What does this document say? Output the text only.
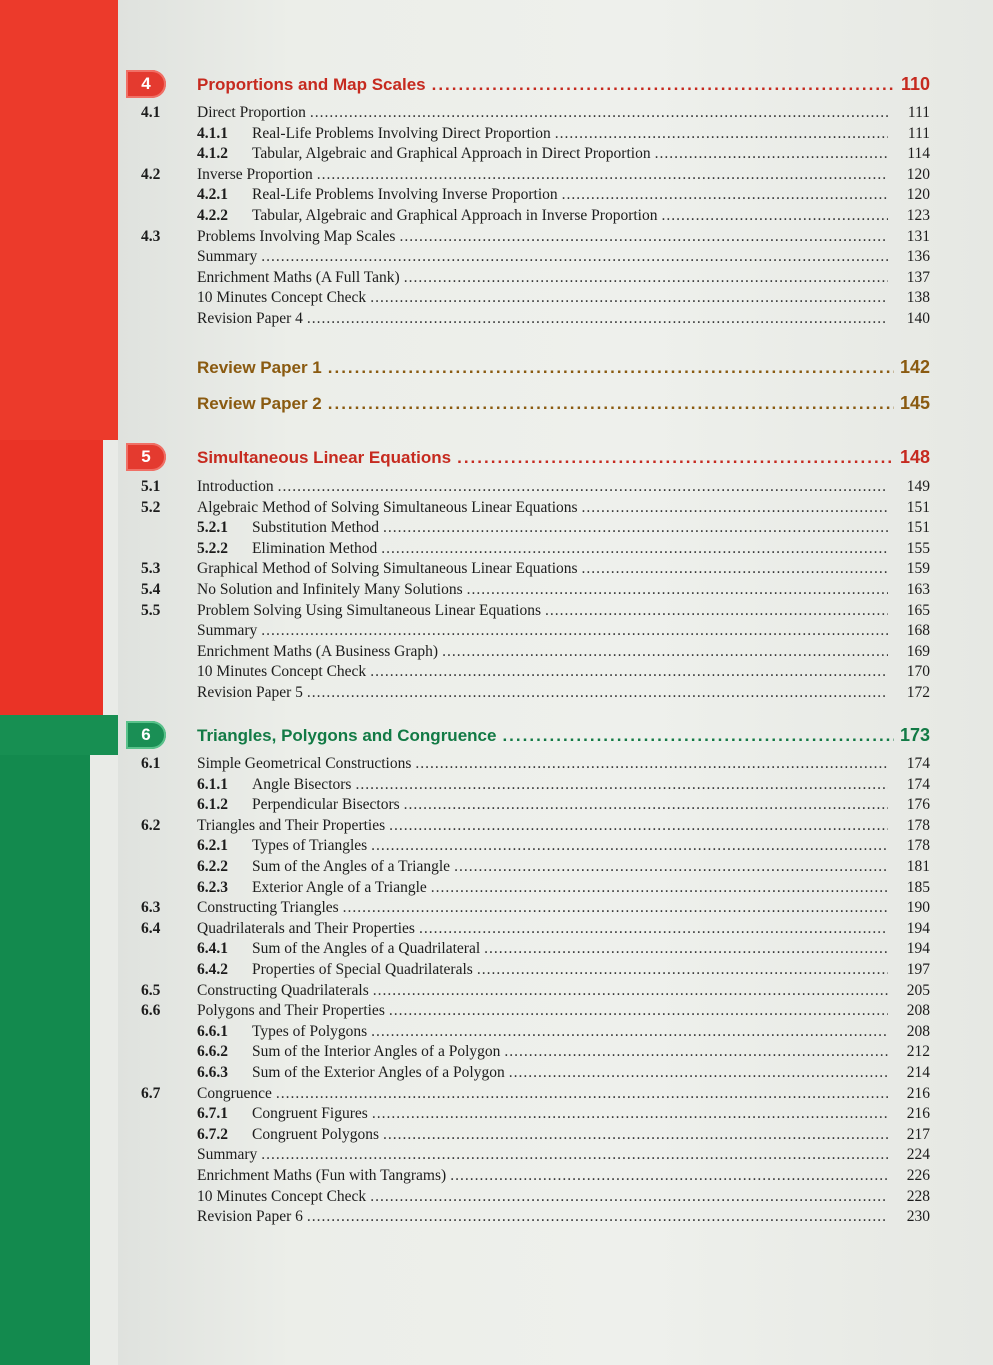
4	Proportions and Map Scales .....	110
4.1	Direct Proportion .....	111
4.1.1	Real-Life Problems Involving Direct Proportion .....	111
4.1.2	Tabular, Algebraic and Graphical Approach in Direct Proportion .....	114
4.2	Inverse Proportion .....	120
4.2.1	Real-Life Problems Involving Inverse Proportion .....	120
4.2.2	Tabular, Algebraic and Graphical Approach in Inverse Proportion .....	123
4.3	Problems Involving Map Scales .....	131
Summary .....	136
Enrichment Maths (A Full Tank) .....	137
10 Minutes Concept Check .....	138
Revision Paper 4 .....	140
5	Simultaneous Linear Equations .....	148
5.1	Introduction .....	149
5.2	Algebraic Method of Solving Simultaneous Linear Equations .....	151
5.2.1	Substitution Method .....	151
5.2.2	Elimination Method .....	155
5.3	Graphical Method of Solving Simultaneous Linear Equations .....	159
5.4	No Solution and Infinitely Many Solutions .....	163
5.5	Problem Solving Using Simultaneous Linear Equations .....	165
Summary .....	168
Enrichment Maths (A Business Graph) .....	169
10 Minutes Concept Check .....	170
Revision Paper 5 .....	172
6	Triangles, Polygons and Congruence .....	173
6.1	Simple Geometrical Constructions .....	174
6.1.1	Angle Bisectors .....	174
6.1.2	Perpendicular Bisectors .....	176
6.2	Triangles and Their Properties .....	178
6.2.1	Types of Triangles .....	178
6.2.2	Sum of the Angles of a Triangle .....	181
6.2.3	Exterior Angle of a Triangle .....	185
6.3	Constructing Triangles .....	190
6.4	Quadrilaterals and Their Properties .....	194
6.4.1	Sum of the Angles of a Quadrilateral .....	194
6.4.2	Properties of Special Quadrilaterals .....	197
6.5	Constructing Quadrilaterals .....	205
6.6	Polygons and Their Properties .....	208
6.6.1	Types of Polygons .....	208
6.6.2	Sum of the Interior Angles of a Polygon .....	212
6.6.3	Sum of the Exterior Angles of a Polygon .....	214
6.7	Congruence .....	216
6.7.1	Congruent Figures .....	216
6.7.2	Congruent Polygons .....	217
Summary .....	224
Enrichment Maths (Fun with Tangrams) .....	226
10 Minutes Concept Check .....	228
Revision Paper 6 .....	230
Review Paper 1 .....	142
Review Paper 2 .....	145
